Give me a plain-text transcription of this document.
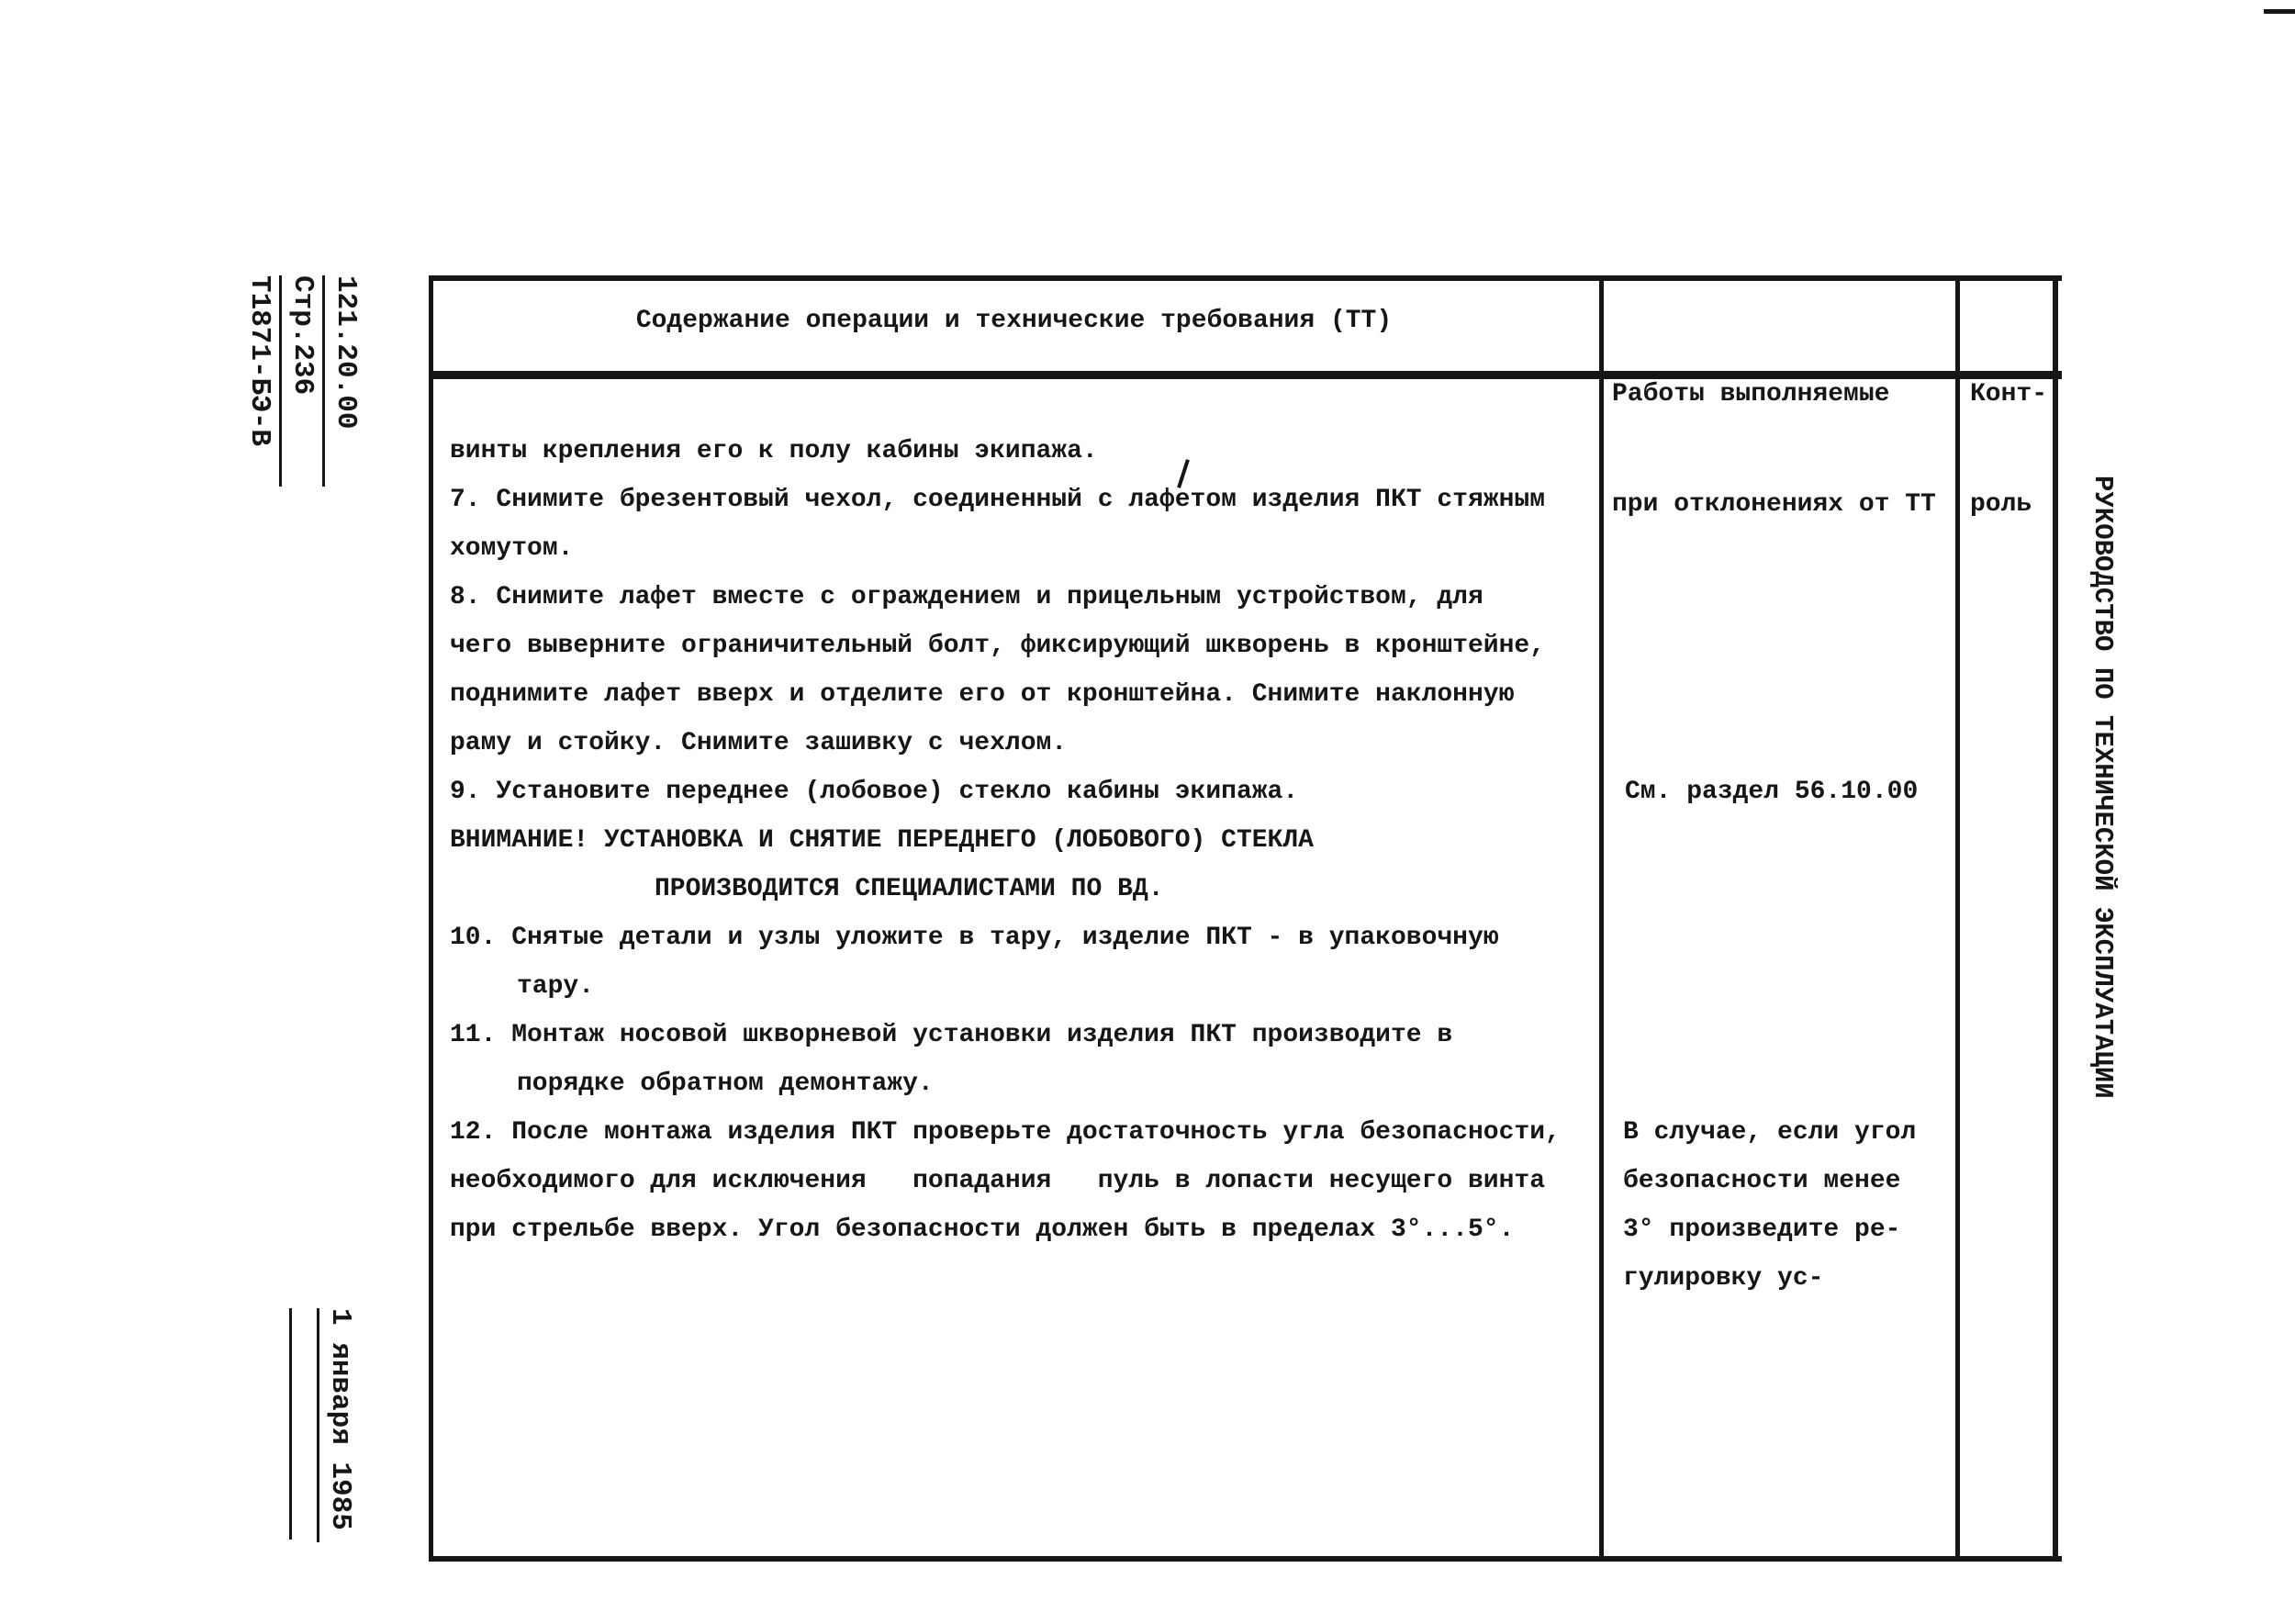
121.20.00
Стр.236
Т1871-БЭ-В
1 января 1985
РУКОВОДСТВО ПО ТЕХНИЧЕСКОЙ ЭКСПЛУАТАЦИИ
Содержание операции и технические требования (ТТ)

Работы выполняемые

при отклонениях от ТТ

Конт-

роль

винты крепления его к полу кабины экипажа.
7. Снимите брезентовый чехол, соединенный с лафетом изделия ПКТ стяжным
хомутом.
8. Снимите лафет вместе с ограждением и прицельным устройством, для
чего выверните ограничительный болт, фиксирующий шкворень в кронштейне,
поднимите лафет вверх и отделите его от кронштейна. Снимите наклонную
раму и стойку. Снимите зашивку с чехлом.
9. Установите переднее (лобовое) стекло кабины экипажа.
ВНИМАНИЕ! УСТАНОВКА И СНЯТИЕ ПЕРЕДНЕГО (ЛОБОВОГО) СТЕКЛА
ПРОИЗВОДИТСЯ СПЕЦИАЛИСТАМИ ПО ВД.
10. Снятые детали и узлы уложите в тару, изделие ПКТ - в упаковочную
тару.
11. Монтаж носовой шкворневой установки изделия ПКТ производите в
порядке обратном демонтажу.
12. После монтажа изделия ПКТ проверьте достаточность угла безопасности,
необходимого для исключения   попадания   пуль в лопасти несущего винта
при стрельбе вверх. Угол безопасности должен быть в пределах 3°...5°.
См. раздел 56.10.00
В случае, если угол
безопасности менее
3° произведите ре-
гулировку ус-
